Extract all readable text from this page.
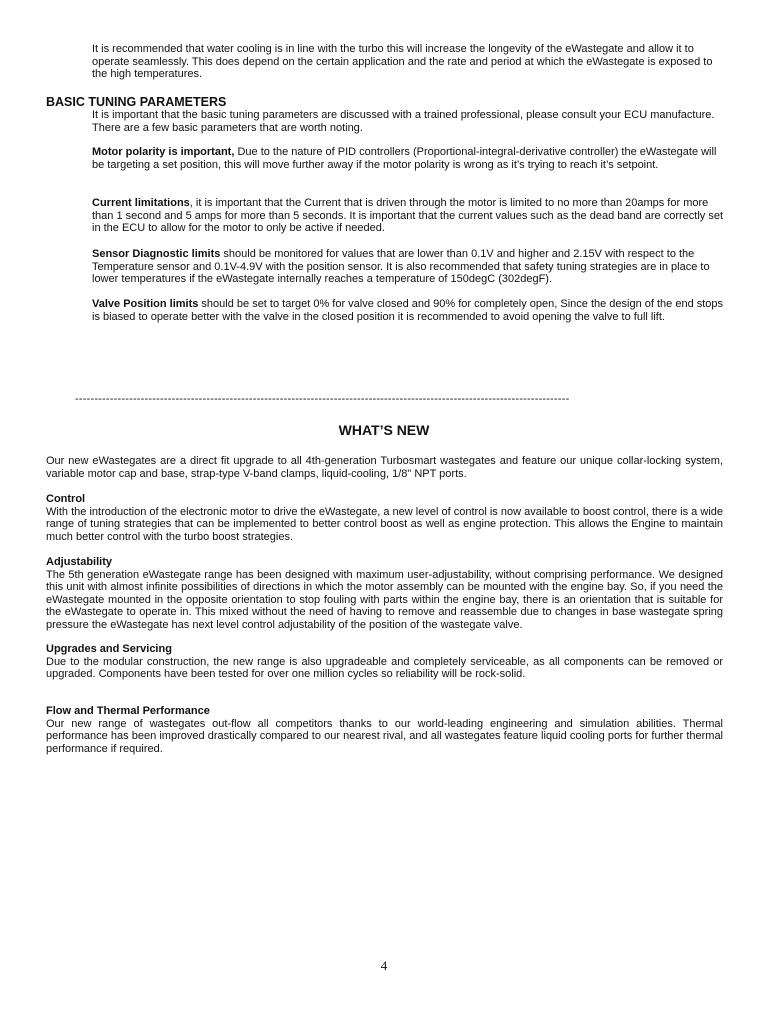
It is recommended that water cooling is in line with the turbo this will increase the longevity of the eWastegate and allow it to operate seamlessly. This does depend on the certain application and the rate and period at which the eWastegate is exposed to the high temperatures.

BASIC TUNING PARAMETERS

It is important that the basic tuning parameters are discussed with a trained professional, please consult your ECU manufacture. There are a few basic parameters that are worth noting.

Motor polarity is important, Due to the nature of PID controllers (Proportional-integral-derivative controller) the eWastegate will be targeting a set position, this will move further away if the motor polarity is wrong as it’s trying to reach it’s setpoint.

Current limitations, it is important that the Current that is driven through the motor is limited to no more than 20amps for more than 1 second and 5 amps for more than 5 seconds. It is important that the current values such as the dead band are correctly set in the ECU to allow for the motor to only be active if needed.

Sensor Diagnostic limits should be monitored for values that are lower than 0.1V and higher and 2.15V with respect to the Temperature sensor and 0.1V-4.9V with the position sensor. It is also recommended that safety tuning strategies are in place to lower temperatures if the eWastegate internally reaches a temperature of 150degC (302degF).

Valve Position limits should be set to target 0% for valve closed and 90% for completely open, Since the design of the end stops is biased to operate better with the valve in the closed position it is recommended to avoid opening the valve to full lift.

--------------------------------------------------------------------------------------------------------------------------------
WHAT’S NEW

Our new eWastegates are a direct fit upgrade to all 4th-generation Turbosmart wastegates and feature our unique collar-locking system, variable motor cap and base, strap-type V-band clamps, liquid-cooling, 1/8" NPT ports.

Control
With the introduction of the electronic motor to drive the eWastegate, a new level of control is now available to boost control, there is a wide range of tuning strategies that can be implemented to better control boost as well as engine protection. This allows the Engine to maintain much better control with the turbo boost strategies.
Adjustability
The 5th generation eWastegate range has been designed with maximum user-adjustability, without comprising performance. We designed this unit with almost infinite possibilities of directions in which the motor assembly can be mounted with the engine bay. So, if you need the eWastegate mounted in the opposite orientation to stop fouling with parts within the engine bay, there is an orientation that is suitable for the eWastegate to operate in. This mixed without the need of having to remove and reassemble due to changes in base wastegate spring pressure the eWastegate has next level control adjustability of the position of the wastegate valve.
Upgrades and Servicing
Due to the modular construction, the new range is also upgradeable and completely serviceable, as all components can be removed or upgraded. Components have been tested for over one million cycles so reliability will be rock-solid.
Flow and Thermal Performance
Our new range of wastegates out-flow all competitors thanks to our world-leading engineering and simulation abilities. Thermal performance has been improved drastically compared to our nearest rival, and all wastegates feature liquid cooling ports for further thermal performance if required.
4
